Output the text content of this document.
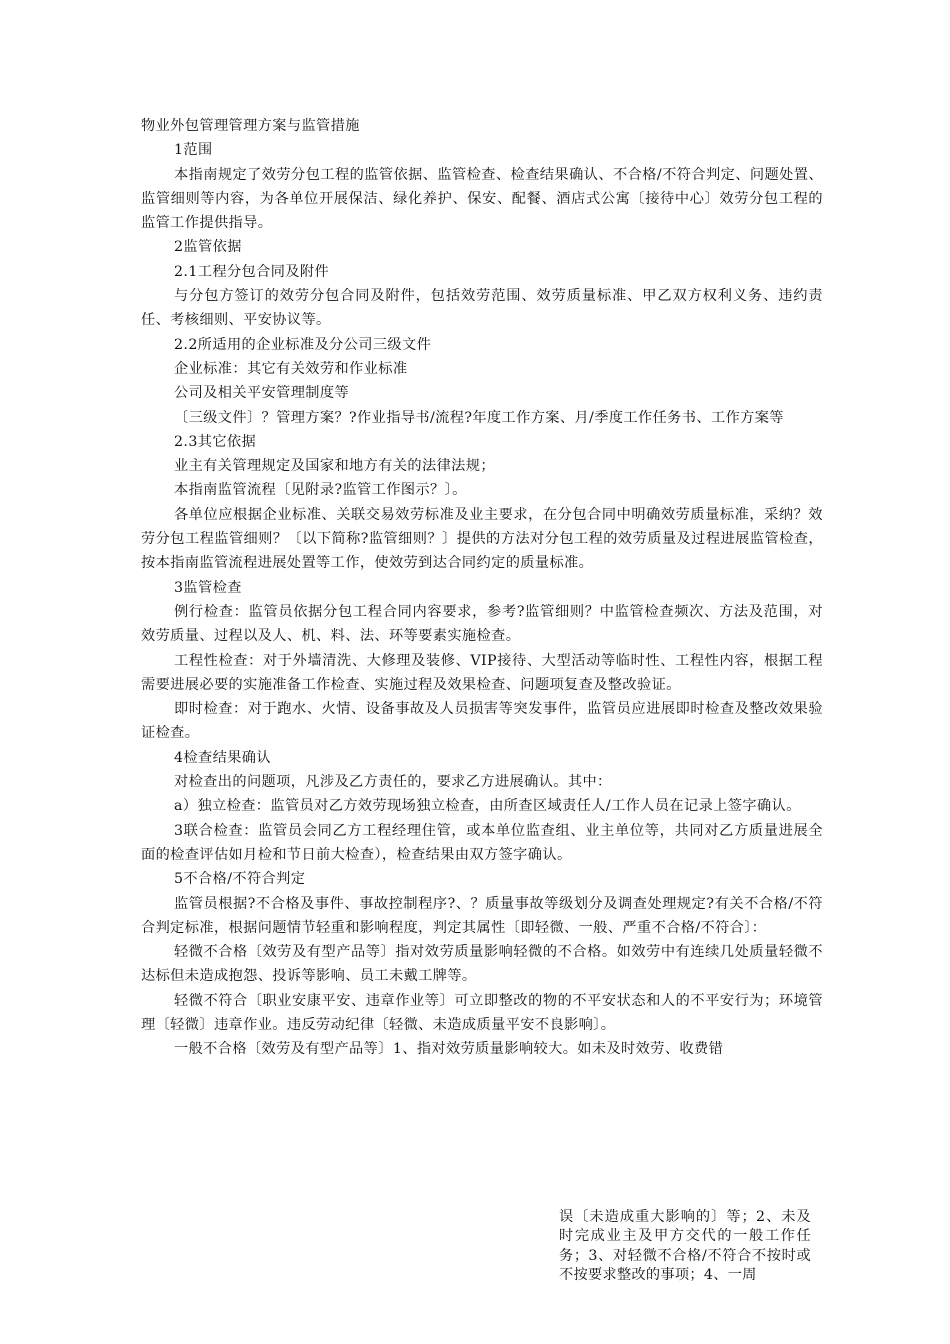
物业外包管理管理方案与监管措施

1范围

本指南规定了效劳分包工程的监管依据、监管检查、检查结果确认、不合格/不符合判定、问题处置、监管细则等内容，为各单位开展保洁、绿化养护、保安、配餐、酒店式公寓〔接待中心〕效劳分包工程的监管工作提供指导。

2监管依据

2.1工程分包合同及附件

与分包方签订的效劳分包合同及附件，包括效劳范围、效劳质量标准、甲乙双方权利义务、违约责任、考核细则、平安协议等。

2.2所适用的企业标准及分公司三级文件

企业标准：其它有关效劳和作业标准

公司及相关平安管理制度等

〔三级文件〕？管理方案？?作业指导书/流程?年度工作方案、月/季度工作任务书、工作方案等

2.3其它依据

业主有关管理规定及国家和地方有关的法律法规；

本指南监管流程〔见附录?监管工作图示？〕。

各单位应根据企业标准、关联交易效劳标准及业主要求，在分包合同中明确效劳质量标准，采纳？效劳分包工程监管细则？〔以下简称?监管细则？〕提供的方法对分包工程的效劳质量及过程进展监管检查，按本指南监管流程进展处置等工作，使效劳到达合同约定的质量标准。

3监管检查

例行检查：监管员依据分包工程合同内容要求，参考?监管细则？中监管检查频次、方法及范围，对效劳质量、过程以及人、机、料、法、环等要素实施检查。

工程性检查：对于外墙清洗、大修理及装修、VIP接待、大型活动等临时性、工程性内容，根据工程需要进展必要的实施准备工作检查、实施过程及效果检查、问题项复查及整改验证。

即时检查：对于跑水、火情、设备事故及人员损害等突发事件，监管员应进展即时检查及整改效果验证检查。

4检查结果确认

对检查出的问题项，凡涉及乙方责任的，要求乙方进展确认。其中：

a）独立检查：监管员对乙方效劳现场独立检查，由所查区域责任人/工作人员在记录上签字确认。

3联合检查：监管员会同乙方工程经理住管，或本单位监查组、业主单位等，共同对乙方质量进展全面的检查评估如月检和节日前大检查），检查结果由双方签字确认。

5不合格/不符合判定

监管员根据?不合格及事件、事故控制程序?、？质量事故等级划分及调查处理规定?有关不合格/不符合判定标准，根据问题情节轻重和影响程度，判定其属性〔即轻微、一般、严重不合格/不符合〕：

轻微不合格〔效劳及有型产品等〕指对效劳质量影响轻微的不合格。如效劳中有连续几处质量轻微不达标但未造成抱怨、投诉等影响、员工未戴工牌等。

轻微不符合〔职业安康平安、违章作业等〕可立即整改的物的不平安状态和人的不平安行为；环境管理〔轻微〕违章作业。违反劳动纪律〔轻微、未造成质量平安不良影响〕。

一般不合格〔效劳及有型产品等〕1、指对效劳质量影响较大。如未及时效劳、收费错

误〔未造成重大影响的〕等；2、未及时完成业主及甲方交代的一般工作任务；3、对轻微不合格/不符合不按时或不按要求整改的事项；4、一周
